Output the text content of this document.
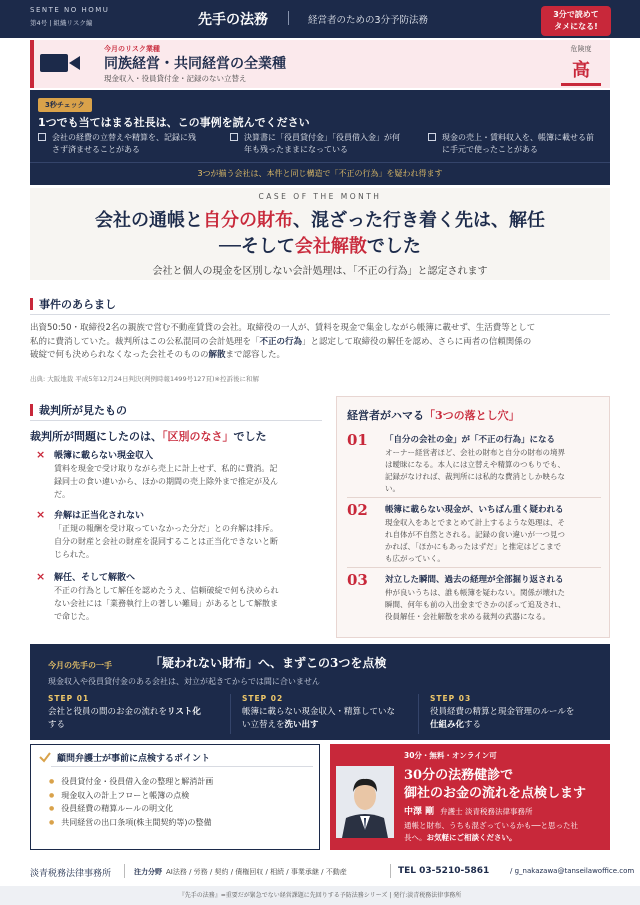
SENTE NO HOMU
第4号 | 組織リスク編	先手の法務	経営者のための3分予防法務
3分で読めて
タメになる!
今月のリスク業種
同族経営・共同経営の全業種
現金収入・役員貸付金・記録のない立替え
危険度
高
3秒チェック
1つでも当てはまる社長は、この事例を読んでください
会社の経費の立替えや精算を、記録に残
さず済ませることがある
決算書に「役員貸付金」「役員借入金」が何
年も残ったままになっている
現金の売上・賃料収入を、帳簿に載せる前
に手元で使ったことがある
3つが揃う会社は、本件と同じ構造で「不正の行為」を疑われ得ます
CASE OF THE MONTH
会社の通帳と自分の財布、混ざった行き着く先は、解任
──そして会社解散でした
会社と個人の現金を区別しない会計処理は、「不正の行為」と認定されます
事件のあらまし
出資50:50・取締役2名の親族で営む不動産賃貸の会社。取締役の一人が、賃料を現金で集金しながら帳簿に載せず、生活費等として
私的に費消していた。裁判所はこの公私混同の会計処理を「不正の行為」と認定して取締役の解任を認め、さらに両者の信頼関係の
破綻で何も決められなくなった会社そのものの解散まで認容した。
出典: 大阪地裁 平成5年12月24日判決(判例時報1499号127頁)※控訴後に和解
裁判所が見たもの
裁判所が問題にしたのは、「区別のなさ」でした
× 帳簿に載らない現金収入
賃料を現金で受け取りながら売上に計上せず、私的に費消。記
録同士の食い違いから、ほかの期間の売上除外まで推定が及ん
だ。
× 弁解は正当化されない
「正規の報酬を受け取っていなかった分だ」との弁解は排斥。
自分の財産と会社の財産を混同することは正当化できないと断
じられた。
× 解任、そして解散へ
不正の行為として解任を認めたうえ、信頼破綻で何も決められ
ない会社には「業務執行上の著しい難局」があるとして解散ま
で命じた。
経営者がハマる「3つの落とし穴」
01 「自分の会社の金」が「不正の行為」になる
オーナー経営者ほど、会社の財布と自分の財布の境界
は曖昧になる。本人には立替えや精算のつもりでも、
記録がなければ、裁判所には私的な費消としか映らな
い。
02 帳簿に載らない現金が、いちばん重く疑われる
現金収入をあとでまとめて計上するような処理は、そ
れ自体が不自然とされる。記録の食い違いが一つ見つ
かれば、「ほかにもあったはずだ」と推定はどこまで
も広がっていく。
03 対立した瞬間、過去の経理が全部掘り返される
仲が良いうちは、誰も帳簿を疑わない。関係が壊れた
瞬間、何年も前の入出金までさかのぼって追及され、
役員解任・会社解散を求める裁判の武器になる。
今月の先手の一手	「疑われない財布」へ、まずこの3つを点検
現金収入や役員貸付金のある会社は、対立が起きてからでは間に合いません
STEP 01
会社と役員の間のお金の流れをリスト化
する
STEP 02
帳簿に載らない現金収入・精算していな
い立替えを洗い出す
STEP 03
役員経費の精算と現金管理のルールを
仕組み化する
顧問弁護士が事前に点検するポイント
● 役員貸付金・役員借入金の整理と解消計画
● 現金収入の計上フローと帳簿の点検
● 役員経費の精算ルールの明文化
● 共同経営の出口条項(株主間契約等)の整備
30分・無料・オンライン可
30分の法務健診で
御社のお金の流れを点検します
中澤 剛 弁護士 淡青税務法律事務所
通帳と財布、うちも混ざっているかも──と思った社
長へ。お気軽にご相談ください。
淡青税務法律事務所	注力分野 AI法務 / 労務 / 契約 / 債権回収 / 相続 / 事業承継 / 不動産	TEL 03-5210-5861	/ g_nakazawa@tanseilawoffice.com
『先手の法務』=重要だが緊急でない経営課題に先回りする予防法務シリーズ | 発行:淡青税務法律事務所
